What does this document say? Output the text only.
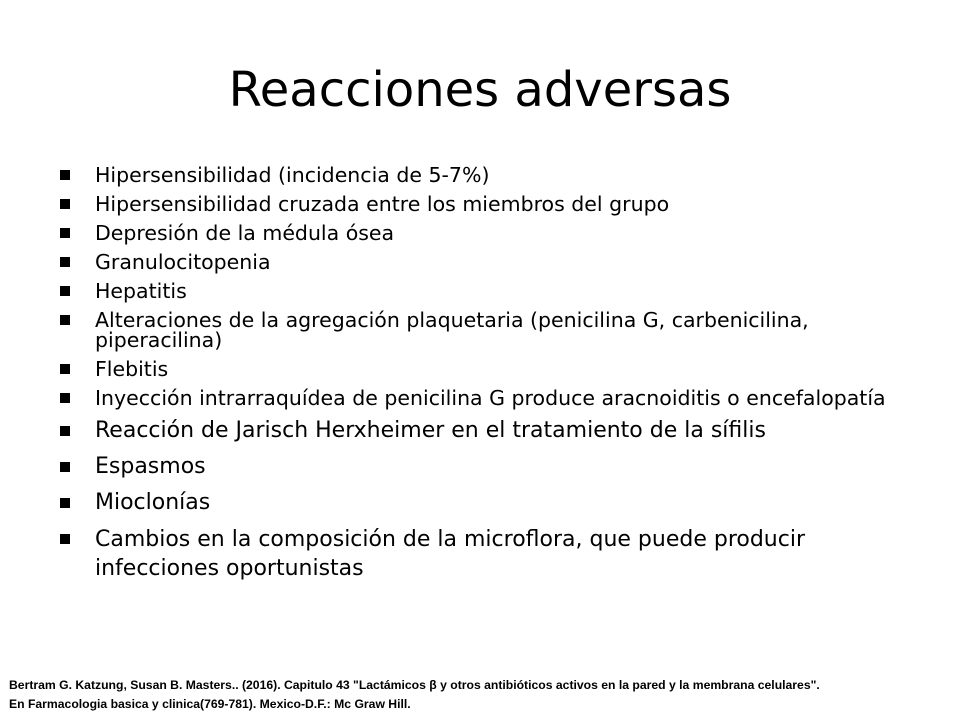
Reacciones adversas
Hipersensibilidad (incidencia de 5-7%)
Hipersensibilidad cruzada entre los miembros del grupo
Depresión de la médula ósea
Granulocitopenia
Hepatitis
Alteraciones de la agregación plaquetaria (penicilina G, carbenicilina, piperacilina)
Flebitis
Inyección intrarraquídea de penicilina G produce aracnoiditis o encefalopatía
Reacción de Jarisch Herxheimer en el tratamiento de la sífilis
Espasmos
Mioclonías
Cambios en la composición de la microflora, que puede producir infecciones oportunistas
Bertram G. Katzung, Susan B. Masters.. (2016). Capitulo 43 "Lactámicos β y otros antibióticos activos en la pared y la membrana celulares".
En Farmacologia basica y clinica(769-781). Mexico-D.F.: Mc Graw Hill.
